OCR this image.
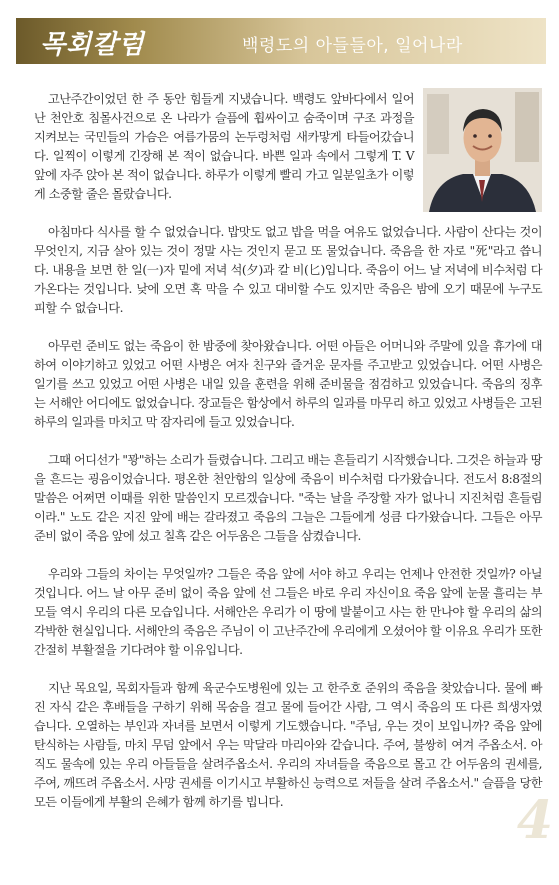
목회칼럼	백령도의 아들들아, 일어나라

고난주간이었던 한 주 동안 힘들게 지냈습니다. 백령도 앞바다에서 일어난 천안호 침몰사건으로 온 나라가 슬픔에 휩싸이고 숨죽이며 구조 과정을 지켜보는 국민들의 가슴은 여름가뭄의 논두렁처럼 새카맣게 타들어갔습니다. 일찍이 이렇게 긴장해 본 적이 없습니다. 바쁜 일과 속에서 그렇게 T. V앞에 자주 앉아 본 적이 없습니다. 하루가 이렇게 빨리 가고 일분일초가 이렇게 소중할 줄은 몰랐습니다.

아침마다 식사를 할 수 없었습니다. 밥맛도 없고 밥을 먹을 여유도 없었습니다. 사람이 산다는 것이 무엇인지, 지금 살아 있는 것이 정말 사는 것인지 묻고 또 물었습니다. 죽음을 한 자로 "死"라고 씁니다. 내용을 보면 한 일(一)자 밑에 저녁 석(夕)과 칼 비(匕)입니다. 죽음이 어느 날 저녁에 비수처럼 다가온다는 것입니다. 낮에 오면 혹 막을 수 있고 대비할 수도 있지만 죽음은 밤에 오기 때문에 누구도 피할 수 없습니다.

아무런 준비도 없는 죽음이 한 밤중에 찾아왔습니다. 어떤 아들은 어머니와 주말에 있을 휴가에 대하여 이야기하고 있었고 어떤 사병은 여자 친구와 즐거운 문자를 주고받고 있었습니다. 어떤 사병은 일기를 쓰고 있었고 어떤 사병은 내일 있을 훈련을 위해 준비물을 점검하고 있었습니다. 죽음의 징후는 서해안 어디에도 없었습니다. 장교들은 함상에서 하루의 일과를 마무리 하고 있었고 사병들은 고된 하루의 일과를 마치고 막 잠자리에 들고 있었습니다.

그때 어디선가 "꽝"하는 소리가 들렸습니다. 그리고 배는 흔들리기 시작했습니다. 그것은 하늘과 땅을 흔드는 굉음이었습니다. 평온한 천안함의 일상에 죽음이 비수처럼 다가왔습니다. 전도서 8:8절의 말씀은 어쩌면 이때를 위한 말씀인지 모르겠습니다. "죽는 날을 주장할 자가 없나니 지진처럼 흔들림이라." 노도 같은 지진 앞에 배는 갈라졌고 죽음의 그늘은 그들에게 성큼 다가왔습니다. 그들은 아무 준비 없이 죽음 앞에 섰고 칠흑 같은 어두움은 그들을 삼켰습니다.

우리와 그들의 차이는 무엇일까? 그들은 죽음 앞에 서야 하고 우리는 언제나 안전한 것일까? 아닐 것입니다. 어느 날 아무 준비 없이 죽음 앞에 선 그들은 바로 우리 자신이요 죽음 앞에 눈물 흘리는 부모들 역시 우리의 다른 모습입니다. 서해안은 우리가 이 땅에 발붙이고 사는 한 만나야 할 우리의 삶의 각박한 현실입니다. 서해안의 죽음은 주님이 이 고난주간에 우리에게 오셨어야 할 이유요 우리가 또한 간절히 부활절을 기다려야 할 이유입니다.

지난 목요일, 목회자들과 함께 육군수도병원에 있는 고 한주호 준위의 죽음을 찾았습니다. 물에 빠진 자식 같은 후배들을 구하기 위해 목숨을 걸고 물에 들어간 사람, 그 역시 죽음의 또 다른 희생자였습니다. 오열하는 부인과 자녀를 보면서 이렇게 기도했습니다. "주님, 우는 것이 보입니까? 죽음 앞에 탄식하는 사람들, 마치 무덤 앞에서 우는 막달라 마리아와 같습니다. 주여, 불쌍히 여겨 주옵소서. 아직도 물속에 있는 우리 아들들을 살려주옵소서. 우리의 자녀들을 죽음으로 몰고 간 어두움의 권세를, 주여, 깨뜨려 주옵소서. 사망 권세를 이기시고 부활하신 능력으로 저들을 살려 주옵소서." 슬픔을 당한 모든 이들에게 부활의 은혜가 함께 하기를 빕니다.	4
